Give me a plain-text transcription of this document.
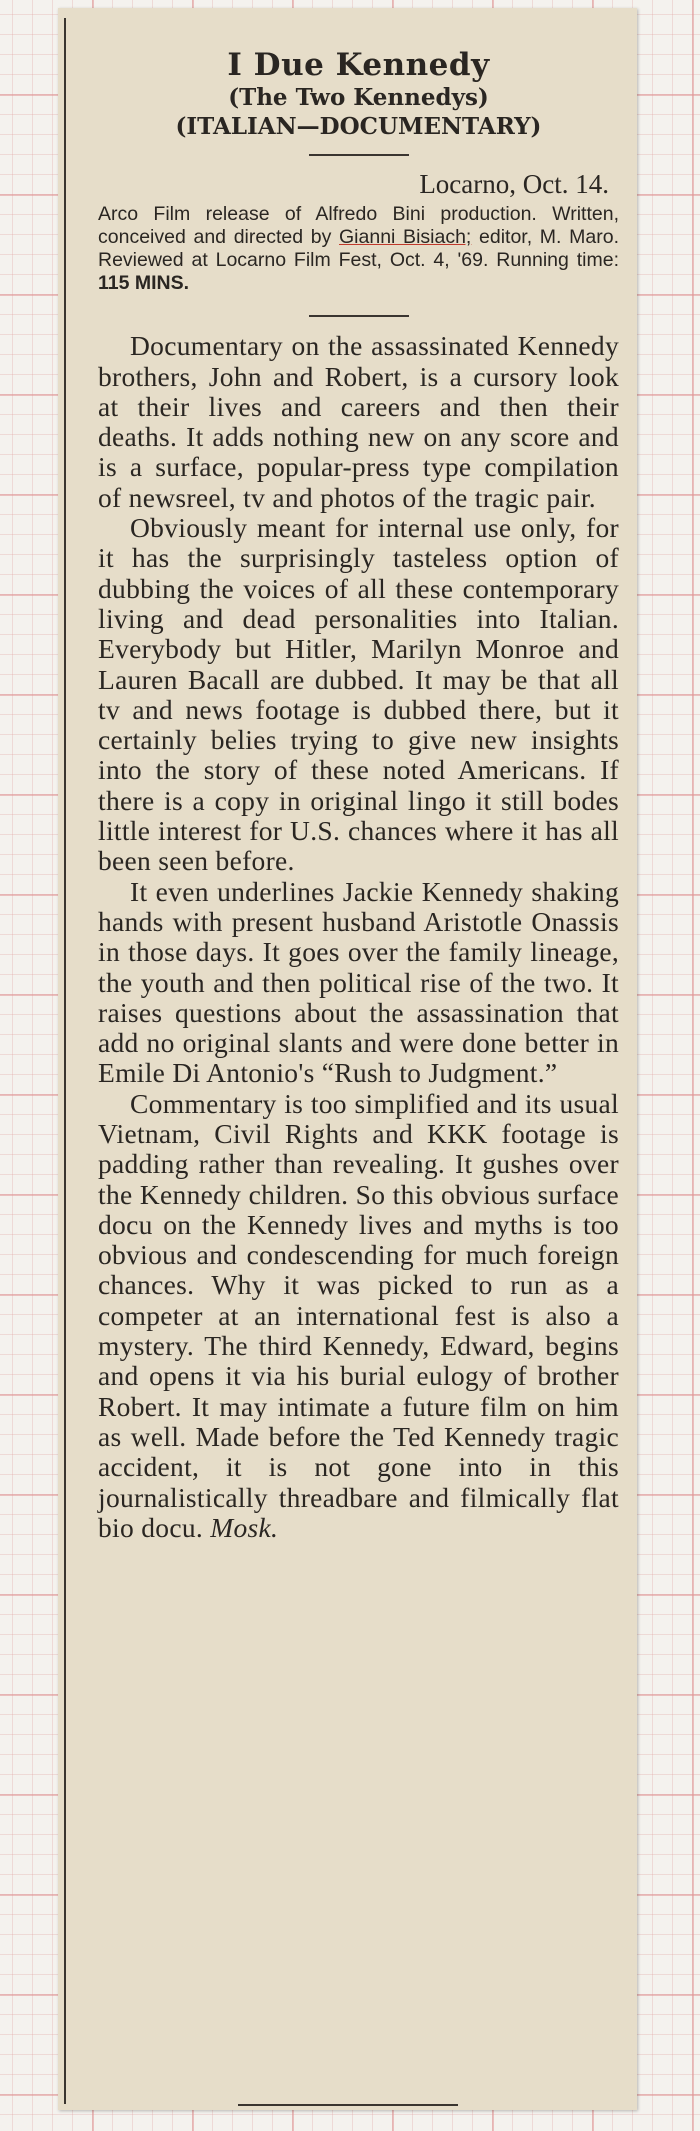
I Due Kennedy
(The Two Kennedys)
(ITALIAN—DOCUMENTARY)
Locarno, Oct. 14.
Arco Film release of Alfredo Bini production. Written, conceived and directed by Gianni Bisiach; editor, M. Maro. Reviewed at Locarno Film Fest, Oct. 4, '69. Running time: 115 MINS.

Documentary on the assassinated Kennedy brothers, John and Robert, is a cursory look at their lives and careers and then their deaths. It adds nothing new on any score and is a surface, popular-press type compilation of newsreel, tv and photos of the tragic pair.

Obviously meant for internal use only, for it has the surprisingly tasteless option of dubbing the voices of all these contemporary living and dead personalities into Italian. Everybody but Hitler, Marilyn Monroe and Lauren Bacall are dubbed. It may be that all tv and news footage is dubbed there, but it certainly belies trying to give new insights into the story of these noted Americans. If there is a copy in original lingo it still bodes little interest for U.S. chances where it has all been seen before.

It even underlines Jackie Kennedy shaking hands with present husband Aristotle Onassis in those days. It goes over the family lineage, the youth and then political rise of the two. It raises questions about the assassination that add no original slants and were done better in Emile Di Antonio's “Rush to Judgment.”

Commentary is too simplified and its usual Vietnam, Civil Rights and KKK footage is padding rather than revealing. It gushes over the Kennedy children. So this obvious surface docu on the Kennedy lives and myths is too obvious and condescending for much foreign chances. Why it was picked to run as a competer at an international fest is also a mystery. The third Kennedy, Edward, begins and opens it via his burial eulogy of brother Robert. It may intimate a future film on him as well. Made before the Ted Kennedy tragic accident, it is not gone into in this journalistically threadbare and filmically flat bio docu. Mosk.
